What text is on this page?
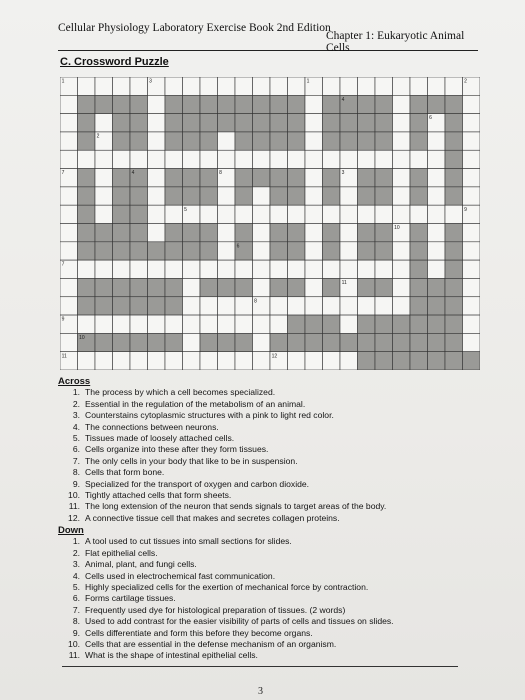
Cellular Physiology Laboratory Exercise Book 2nd Edition
Chapter 1: Eukaryotic Animal Cells

C. Crossword Puzzle
1	3	1
4
2
6
2
7	4	8	3
5
10
9
6
11
7
8
9
10
11	12
Across
1. The process by which a cell becomes specialized.
2. Essential in the regulation of the metabolism of an animal.
3. Counterstains cytoplasmic structures with a pink to light red color.
4. The connections between neurons.
5. Tissues made of loosely attached cells.
6. Cells organize into these after they form tissues.
7. The only cells in your body that like to be in suspension.
8. Cells that form bone.
9. Specialized for the transport of oxygen and carbon dioxide.
10. Tightly attached cells that form sheets.
11. The long extension of the neuron that sends signals to target areas of the body.
12. A connective tissue cell that makes and secretes collagen proteins.
Down
1. A tool used to cut tissues into small sections for slides.
2. Flat epithelial cells.
3. Animal, plant, and fungi cells.
4. Cells used in electrochemical fast communication.
5. Highly specialized cells for the exertion of mechanical force by contraction.
6. Forms cartilage tissues.
7. Frequently used dye for histological preparation of tissues. (2 words)
8. Used to add contrast for the easier visibility of parts of cells and tissues on slides.
9. Cells differentiate and form this before they become organs.
10. Cells that are essential in the defense mechanism of an organism.
11. What is the shape of intestinal epithelial cells.
3
